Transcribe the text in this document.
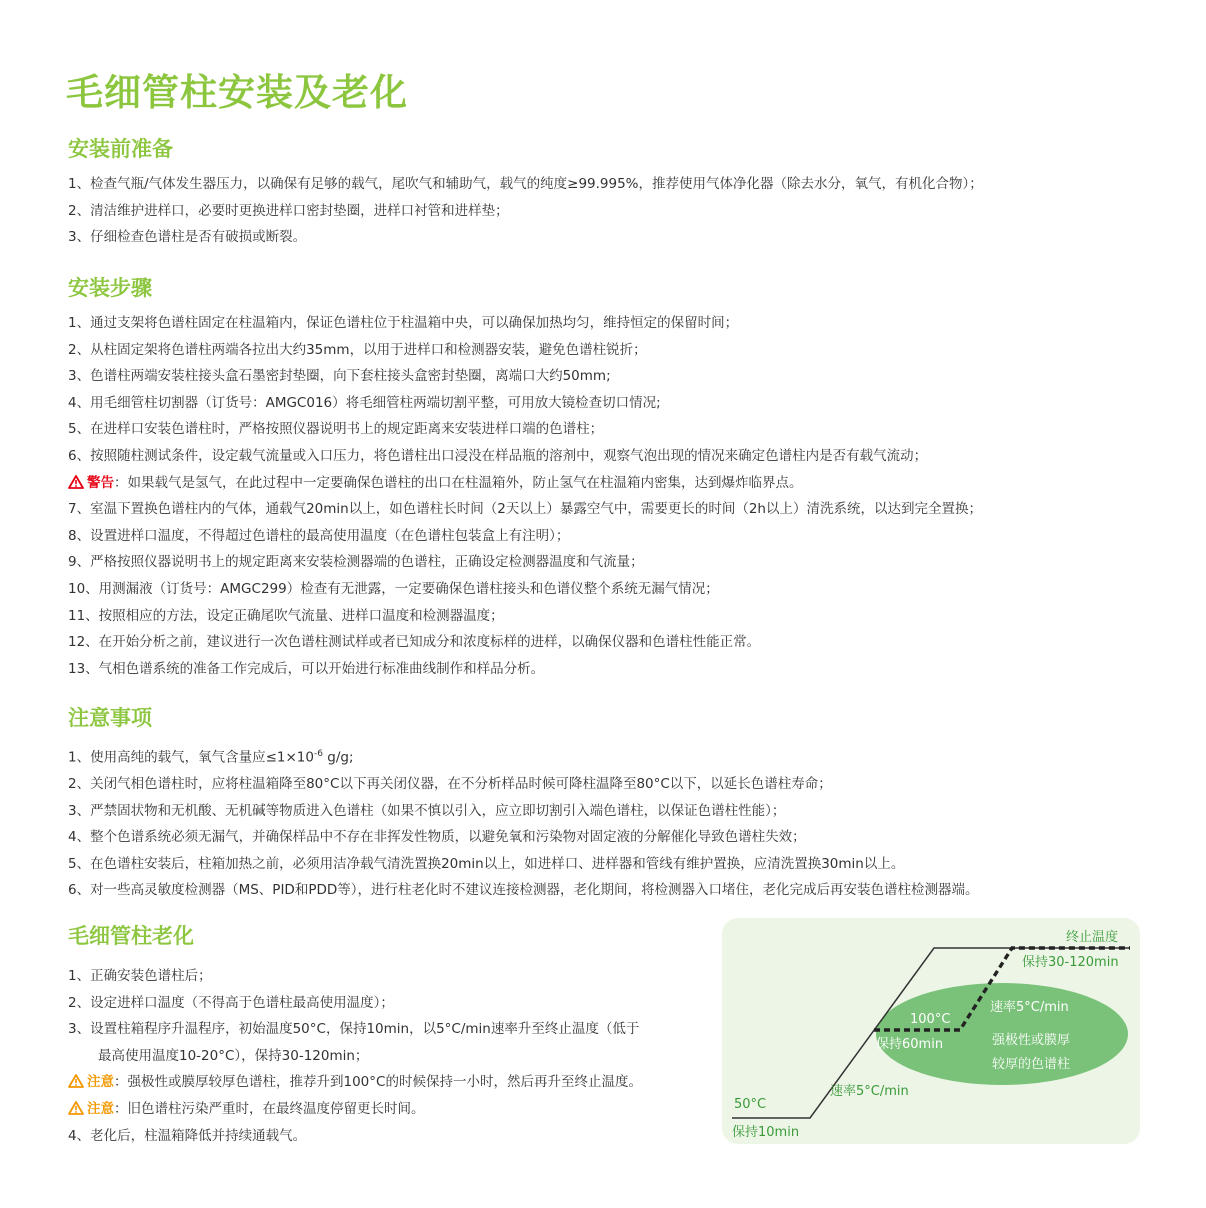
毛细管柱安装及老化
安装前准备
1、检查气瓶/气体发生器压力，以确保有足够的载气，尾吹气和辅助气，载气的纯度≥99.995%，推荐使用气体净化器（除去水分，氧气，有机化合物）；
2、清洁维护进样口，必要时更换进样口密封垫圈，进样口衬管和进样垫；
3、仔细检查色谱柱是否有破损或断裂。
安装步骤
1、通过支架将色谱柱固定在柱温箱内，保证色谱柱位于柱温箱中央，可以确保加热均匀，维持恒定的保留时间；
2、从柱固定架将色谱柱两端各拉出大约35mm，以用于进样口和检测器安装，避免色谱柱锐折；
3、色谱柱两端安装柱接头盒石墨密封垫圈，向下套柱接头盒密封垫圈，离端口大约50mm;
4、用毛细管柱切割器（订货号：AMGC016）将毛细管柱两端切割平整，可用放大镜检查切口情况;
5、在进样口安装色谱柱时，严格按照仪器说明书上的规定距离来安装进样口端的色谱柱；
6、按照随柱测试条件，设定载气流量或入口压力，将色谱柱出口浸没在样品瓶的溶剂中，观察气泡出现的情况来确定色谱柱内是否有载气流动；
警告：如果载气是氢气，在此过程中一定要确保色谱柱的出口在柱温箱外，防止氢气在柱温箱内密集，达到爆炸临界点。
7、室温下置换色谱柱内的气体，通载气20min以上，如色谱柱长时间（2天以上）暴露空气中，需要更长的时间（2h以上）清洗系统，以达到完全置换；
8、设置进样口温度，不得超过色谱柱的最高使用温度（在色谱柱包装盒上有注明）；
9、严格按照仪器说明书上的规定距离来安装检测器端的色谱柱，正确设定检测器温度和气流量；
10、用测漏液（订货号：AMGC299）检查有无泄露，一定要确保色谱柱接头和色谱仪整个系统无漏气情况；
11、按照相应的方法，设定正确尾吹气流量、进样口温度和检测器温度；
12、在开始分析之前，建议进行一次色谱柱测试样或者已知成分和浓度标样的进样，以确保仪器和色谱柱性能正常。
13、气相色谱系统的准备工作完成后，可以开始进行标准曲线制作和样品分析。
注意事项
1、使用高纯的载气，氧气含量应$\le 1\times 10^{-6}$ g/g;
2、关闭气相色谱柱时，应将柱温箱降至80°C以下再关闭仪器，在不分析样品时候可降柱温降至80°C以下，以延长色谱柱寿命；
3、严禁固状物和无机酸、无机碱等物质进入色谱柱（如果不慎以引入，应立即切割引入端色谱柱，以保证色谱柱性能）；
4、整个色谱系统必须无漏气，并确保样品中不存在非挥发性物质，以避免氧和污染物对固定液的分解催化导致色谱柱失效；
5、在色谱柱安装后，柱箱加热之前，必须用洁净载气清洗置换20min以上，如进样口、进样器和管线有维护置换，应清洗置换30min以上。
6、对一些高灵敏度检测器（MS、PID和PDD等），进行柱老化时不建议连接检测器，老化期间，将检测器入口堵住，老化完成后再安装色谱柱检测器端。
毛细管柱老化
1、正确安装色谱柱后；
2、设定进样口温度（不得高于色谱柱最高使用温度）；
3、设置柱箱程序升温程序，初始温度50°C，保持10min，以5°C/min速率升至终止温度（低于
最高使用温度10-20°C），保持30-120min；
注意：强极性或膜厚较厚色谱柱，推荐升到100°C的时候保持一小时，然后再升至终止温度。
注意：旧色谱柱污染严重时，在最终温度停留更长时间。
4、老化后，柱温箱降低并持续通载气。
50°C
保持10min
速率5°C/min
100°C
保持60min
速率5°C/min
强极性或膜厚
较厚的色谱柱
终止温度
保持30-120min
